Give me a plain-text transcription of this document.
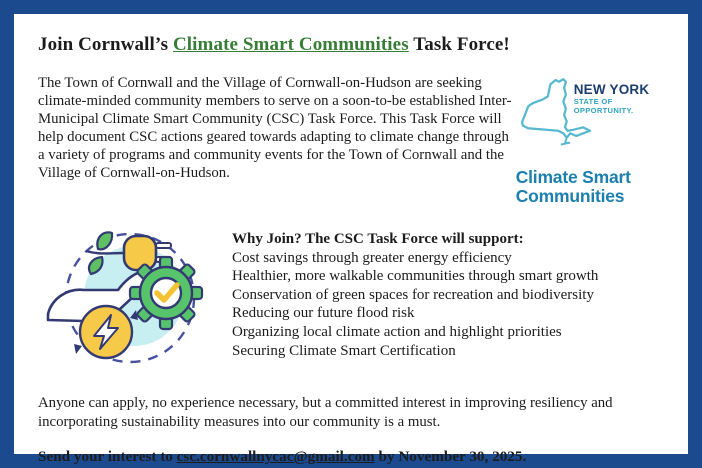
Join Cornwall’s Climate Smart Communities Task Force!

The Town of Cornwall and the Village of Cornwall-on-Hudson are seeking climate-minded community members to serve on a soon-to-be established Inter-Municipal Climate Smart Community (CSC) Task Force. This Task Force will help document CSC actions geared towards adapting to climate change through a variety of programs and community events for the Town of Cornwall and the Village of Cornwall-on-Hudson.

NEW YORK
STATE OF
OPPORTUNITY.
Climate Smart
Communities
Why Join? The CSC Task Force will support:
Cost savings through greater energy efficiency
Healthier, more walkable communities through smart growth
Conservation of green spaces for recreation and biodiversity
Reducing our future flood risk
Organizing local climate action and highlight priorities
Securing Climate Smart Certification

Anyone can apply, no experience necessary, but a committed interest in improving resiliency and incorporating sustainability measures into our community is a must.

Send your interest to csc.cornwallnycac@gmail.com by November 30, 2025.
